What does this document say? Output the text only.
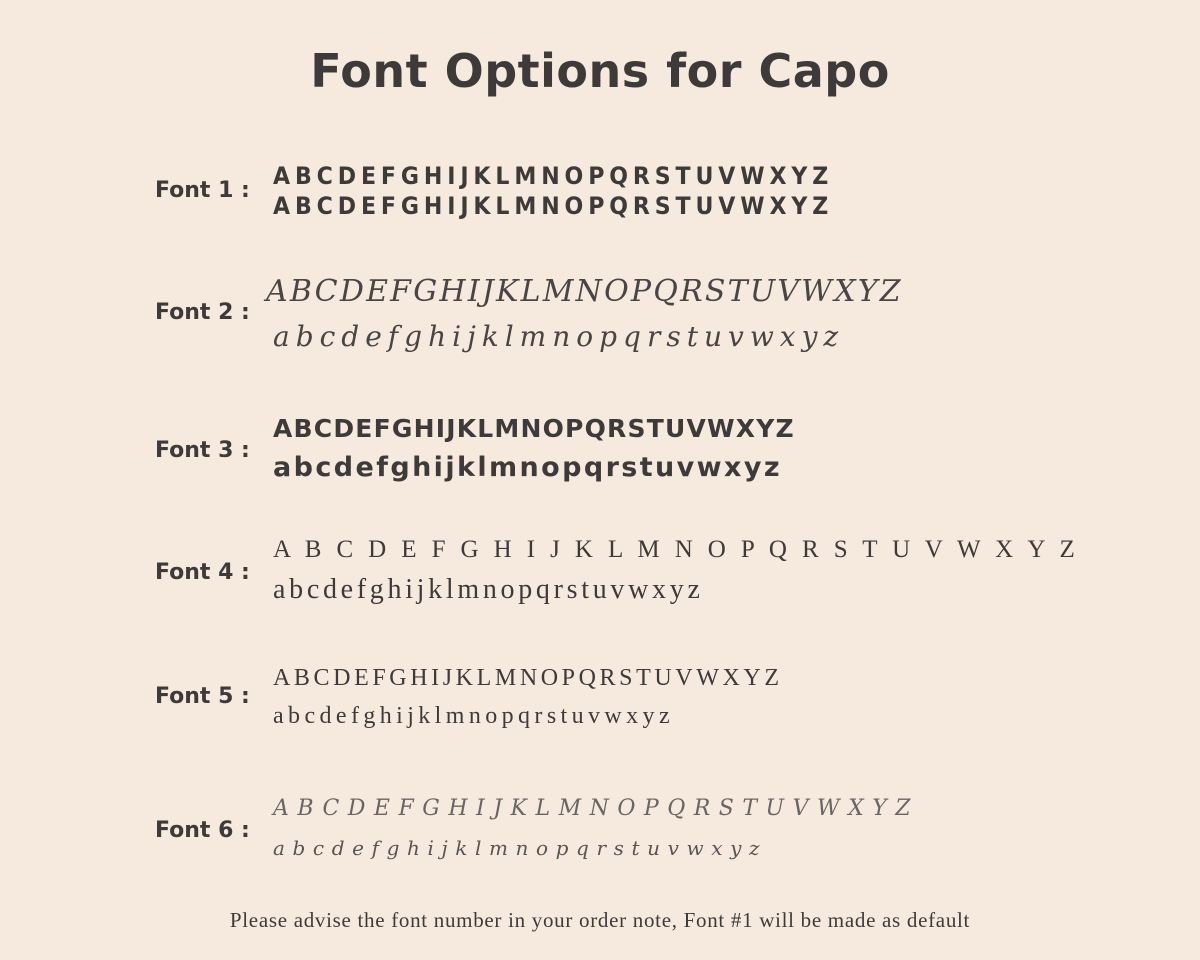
Font Options for Capo
Font 1 :
ABCDEFGHIJKLMNOPQRSTUVWXYZ
ABCDEFGHIJKLMNOPQRSTUVWXYZ
Font 2 :
ABCDEFGHIJKLMNOPQRSTUVWXYZ
abcdefghijklmnopqrstuvwxyz
Font 3 :
ABCDEFGHIJKLMNOPQRSTUVWXYZ
abcdefghijklmnopqrstuvwxyz
Font 4 :
A B C D E F G H I J K L M N O P Q R S T U V W X Y Z
abcdefghijklmnopqrstuvwxyz
Font 5 :
ABCDEFGHIJKLMNOPQRSTUVWXYZ
abcdefghijklmnopqrstuvwxyz
Font 6 :
ABCDEFGHIJKLMNOPQRSTUVWXYZ
abcdefghijklmnopqrstuvwxyz
Please advise the font number in your order note, Font #1 will be made as default
